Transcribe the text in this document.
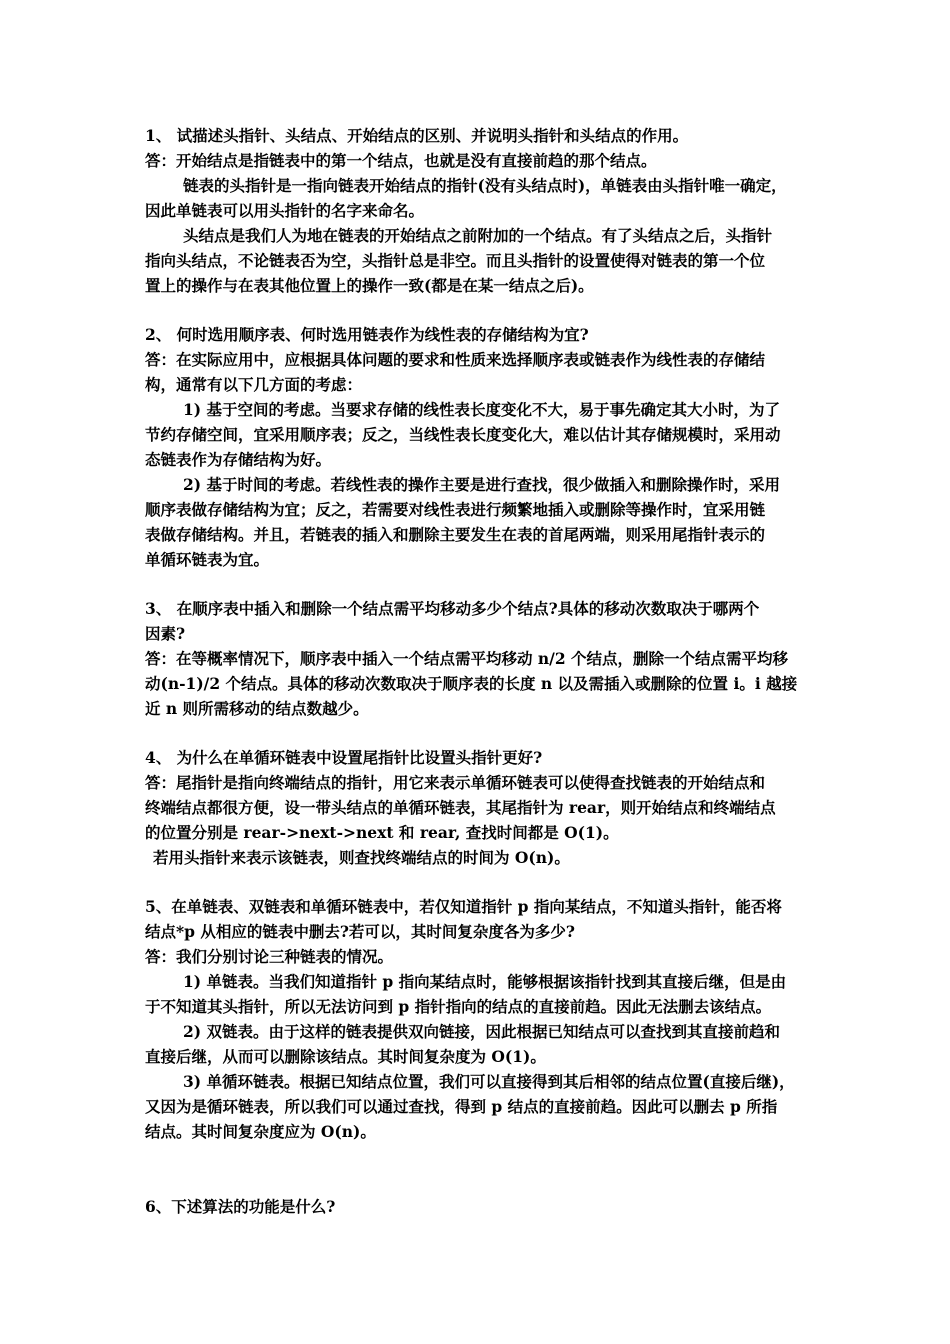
1、 试描述头指针、头结点、开始结点的区别、并说明头指针和头结点的作用。
答：开始结点是指链表中的第一个结点，也就是没有直接前趋的那个结点。
链表的头指针是一指向链表开始结点的指针(没有头结点时)，单链表由头指针唯一确定，
因此单链表可以用头指针的名字来命名。
头结点是我们人为地在链表的开始结点之前附加的一个结点。有了头结点之后，头指针
指向头结点，不论链表否为空，头指针总是非空。而且头指针的设置使得对链表的第一个位
置上的操作与在表其他位置上的操作一致(都是在某一结点之后)。
2、 何时选用顺序表、何时选用链表作为线性表的存储结构为宜?
答：在实际应用中，应根据具体问题的要求和性质来选择顺序表或链表作为线性表的存储结
构，通常有以下几方面的考虑：
1) 基于空间的考虑。当要求存储的线性表长度变化不大，易于事先确定其大小时，为了
节约存储空间，宜采用顺序表；反之，当线性表长度变化大，难以估计其存储规模时，采用动
态链表作为存储结构为好。
2) 基于时间的考虑。若线性表的操作主要是进行查找，很少做插入和删除操作时，采用
顺序表做存储结构为宜；反之，若需要对线性表进行频繁地插入或删除等操作时，宜采用链
表做存储结构。并且，若链表的插入和删除主要发生在表的首尾两端，则采用尾指针表示的
单循环链表为宜。
3、 在顺序表中插入和删除一个结点需平均移动多少个结点?具体的移动次数取决于哪两个
因素?
答：在等概率情况下，顺序表中插入一个结点需平均移动 n/2 个结点，删除一个结点需平均移
动(n-1)/2 个结点。具体的移动次数取决于顺序表的长度 n 以及需插入或删除的位置 i。i 越接
近 n 则所需移动的结点数越少。
4、 为什么在单循环链表中设置尾指针比设置头指针更好?
答：尾指针是指向终端结点的指针，用它来表示单循环链表可以使得查找链表的开始结点和
终端结点都很方便，设一带头结点的单循环链表，其尾指针为 rear，则开始结点和终端结点
的位置分别是 rear->next->next 和 rear, 查找时间都是 O(1)。
若用头指针来表示该链表，则查找终端结点的时间为 O(n)。
5、在单链表、双链表和单循环链表中，若仅知道指针 p 指向某结点，不知道头指针，能否将
结点*p 从相应的链表中删去?若可以，其时间复杂度各为多少?
答：我们分别讨论三种链表的情况。
1) 单链表。当我们知道指针 p 指向某结点时，能够根据该指针找到其直接后继，但是由
于不知道其头指针，所以无法访问到 p 指针指向的结点的直接前趋。因此无法删去该结点。
2) 双链表。由于这样的链表提供双向链接，因此根据已知结点可以查找到其直接前趋和
直接后继，从而可以删除该结点。其时间复杂度为 O(1)。
3) 单循环链表。根据已知结点位置，我们可以直接得到其后相邻的结点位置(直接后继)，
又因为是循环链表，所以我们可以通过查找，得到 p 结点的直接前趋。因此可以删去 p 所指
结点。其时间复杂度应为 O(n)。
6、下述算法的功能是什么?
